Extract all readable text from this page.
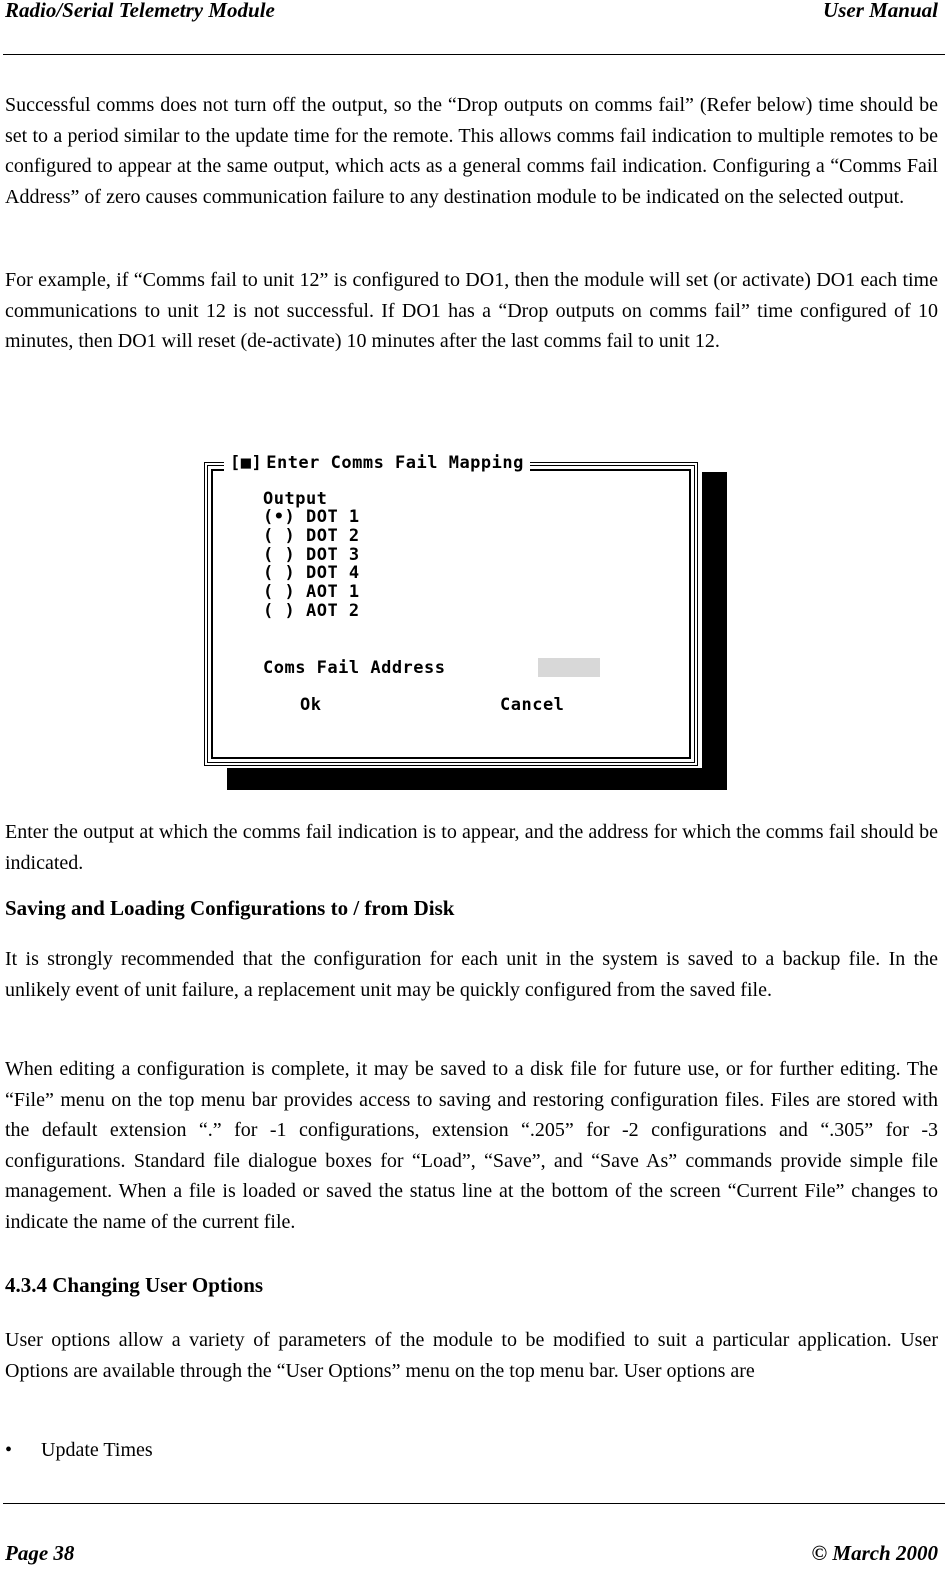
Radio/Serial Telemetry Module	User Manual

Successful comms does not turn off the output, so the “Drop outputs on comms fail” (Refer below) time should be set to a period similar to the update time for the remote. This allows comms fail indication to multiple remotes to be configured to appear at the same output, which acts as a general comms fail indication. Configuring a “Comms Fail Address” of zero causes communication failure to any destination module to be indicated on the selected output.

For example, if “Comms fail to unit 12” is configured to DO1, then the module will set (or activate) DO1 each time communications to unit 12 is not successful. If DO1 has a “Drop outputs on comms fail” time configured of 10 minutes, then DO1 will reset (de-activate) 10 minutes after the last comms fail to unit 12.

[■] Enter Comms Fail Mapping
Output
(•) DOT 1
( ) DOT 2
( ) DOT 3
( ) DOT 4
( ) AOT 1
( ) AOT 2
Coms Fail Address
Ok	Cancel

Enter the output at which the comms fail indication is to appear, and the address for which the comms fail should be indicated.

Saving and Loading Configurations to / from Disk

It is strongly recommended that the configuration for each unit in the system is saved to a backup file. In the unlikely event of unit failure, a replacement unit may be quickly configured from the saved file.

When editing a configuration is complete, it may be saved to a disk file for future use, or for further editing. The “File” menu on the top menu bar provides access to saving and restoring configuration files. Files are stored with the default extension “.” for -1 configurations, extension “.205” for -2 configurations and “.305” for -3 configurations. Standard file dialogue boxes for “Load”, “Save”, and “Save As” commands provide simple file management. When a file is loaded or saved the status line at the bottom of the screen “Current File” changes to indicate the name of the current file.

4.3.4 Changing User Options

User options allow a variety of parameters of the module to be modified to suit a particular application. User Options are available through the “User Options” menu on the top menu bar. User options are

• Update Times
Page 38	© March 2000
